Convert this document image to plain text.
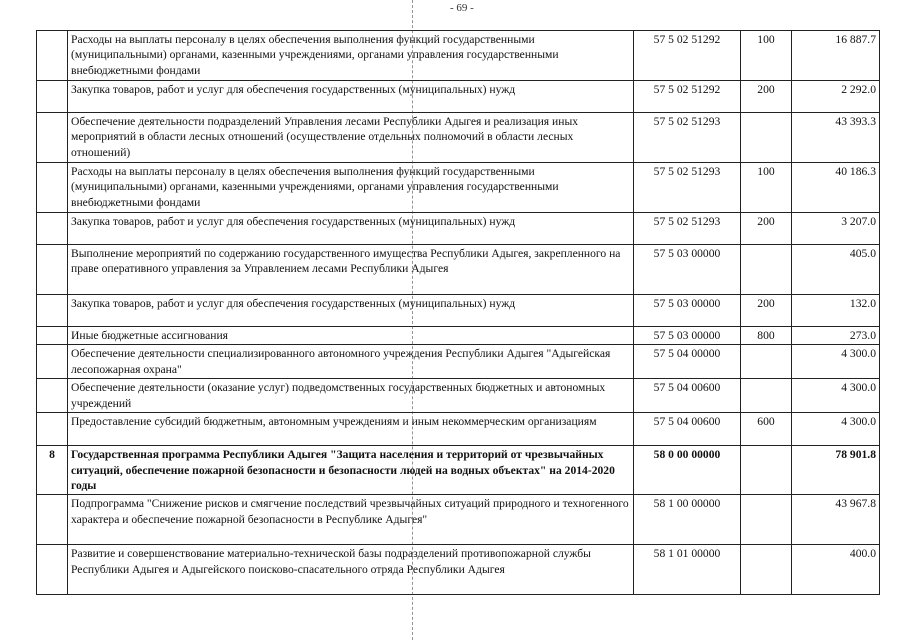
- 69 -
	Расходы на выплаты персоналу в целях обеспечения выполнения функций государственными (муниципальными) органами, казенными учреждениями, органами управления государственными внебюджетными фондами	57 5 02 51292	100	16 887.7
	Закупка товаров, работ и услуг для обеспечения государственных (муниципальных) нужд	57 5 02 51292	200	2 292.0
	Обеспечение деятельности подразделений Управления лесами Республики Адыгея и реализация иных мероприятий в области лесных отношений (осуществление отдельных полномочий в области лесных отношений)	57 5 02 51293		43 393.3
	Расходы на выплаты персоналу в целях обеспечения выполнения функций государственными (муниципальными) органами, казенными учреждениями, органами управления государственными внебюджетными фондами	57 5 02 51293	100	40 186.3
	Закупка товаров, работ и услуг для обеспечения государственных (муниципальных) нужд	57 5 02 51293	200	3 207.0
	Выполнение мероприятий по содержанию государственного имущества Республики Адыгея, закрепленного на праве оперативного управления за Управлением лесами Республики Адыгея	57 5 03 00000		405.0
	Закупка товаров, работ и услуг для обеспечения государственных (муниципальных) нужд	57 5 03 00000	200	132.0
	Иные бюджетные ассигнования	57 5 03 00000	800	273.0
	Обеспечение деятельности специализированного автономного учреждения Республики Адыгея "Адыгейская лесопожарная охрана"	57 5 04 00000		4 300.0
	Обеспечение деятельности (оказание услуг) подведомственных государственных бюджетных и автономных учреждений	57 5 04 00600		4 300.0
	Предоставление субсидий бюджетным, автономным учреждениям и иным некоммерческим организациям	57 5 04 00600	600	4 300.0
8	Государственная программа Республики Адыгея "Защита населения и территорий от чрезвычайных ситуаций, обеспечение пожарной безопасности и безопасности людей на водных объектах" на 2014-2020 годы	58 0 00 00000		78 901.8
	Подпрограмма "Снижение рисков и смягчение последствий чрезвычайных ситуаций природного и техногенного характера и обеспечение пожарной безопасности в Республике Адыгея"	58 1 00 00000		43 967.8
	Развитие и совершенствование материально-технической базы подразделений противопожарной службы Республики Адыгея и Адыгейского поисково-спасательного отряда Республики Адыгея	58 1 01 00000		400.0
